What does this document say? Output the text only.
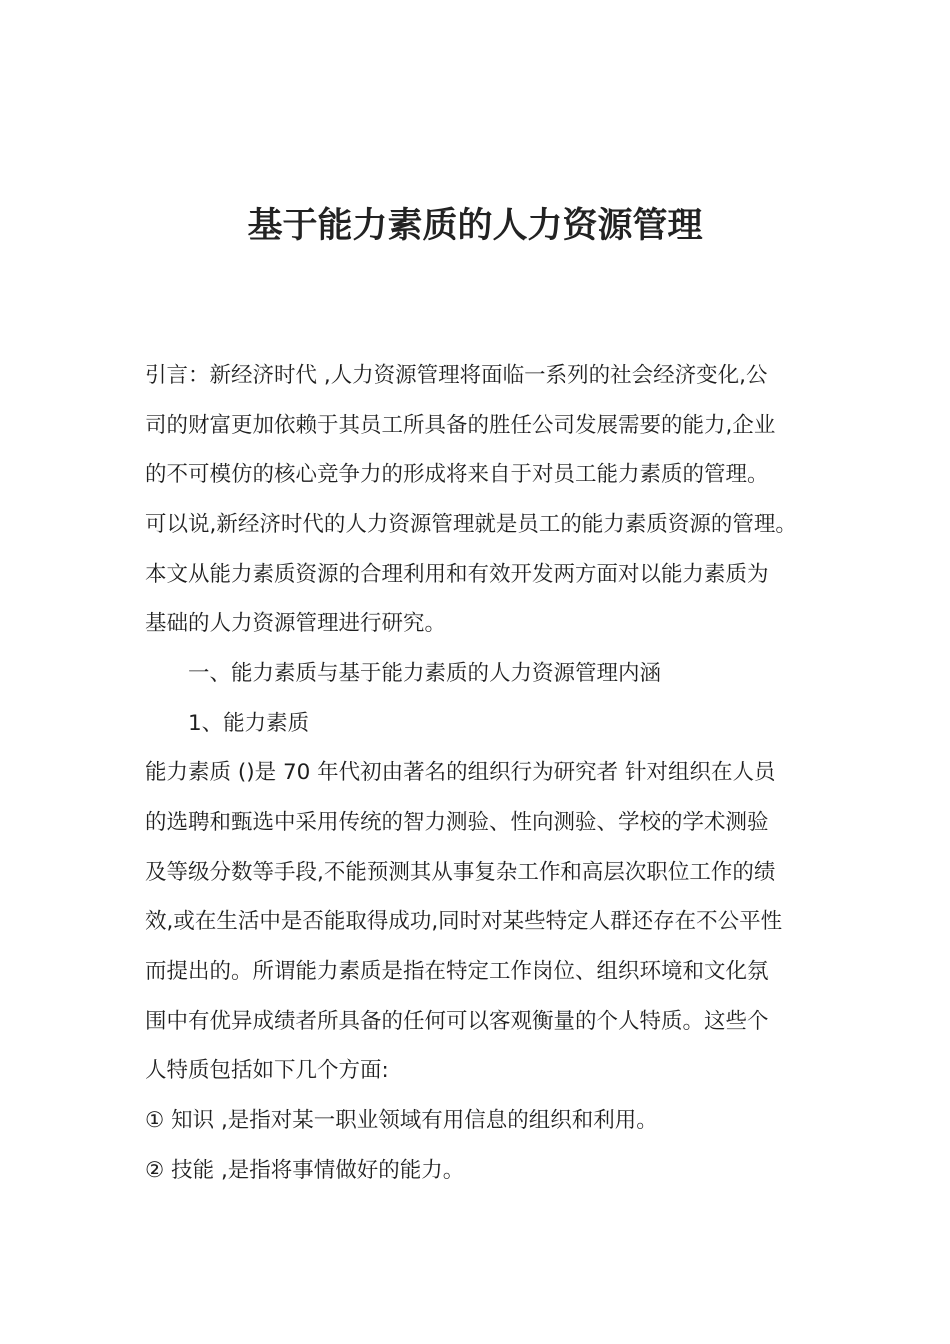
基于能力素质的人力资源管理
引言：新经济时代 ,人力资源管理将面临一系列的社会经济变化,公
司的财富更加依赖于其员工所具备的胜任公司发展需要的能力,企业
的不可模仿的核心竞争力的形成将来自于对员工能力素质的管理。
可以说,新经济时代的人力资源管理就是员工的能力素质资源的管理。
本文从能力素质资源的合理利用和有效开发两方面对以能力素质为
基础的人力资源管理进行研究。
一、能力素质与基于能力素质的人力资源管理内涵
1、能力素质
能力素质 ()是 70 年代初由著名的组织行为研究者 针对组织在人员
的选聘和甄选中采用传统的智力测验、性向测验、学校的学术测验
及等级分数等手段,不能预测其从事复杂工作和高层次职位工作的绩
效,或在生活中是否能取得成功,同时对某些特定人群还存在不公平性
而提出的。所谓能力素质是指在特定工作岗位、组织环境和文化氛
围中有优异成绩者所具备的任何可以客观衡量的个人特质。这些个
人特质包括如下几个方面:
① 知识 ,是指对某一职业领域有用信息的组织和利用。
② 技能 ,是指将事情做好的能力。
